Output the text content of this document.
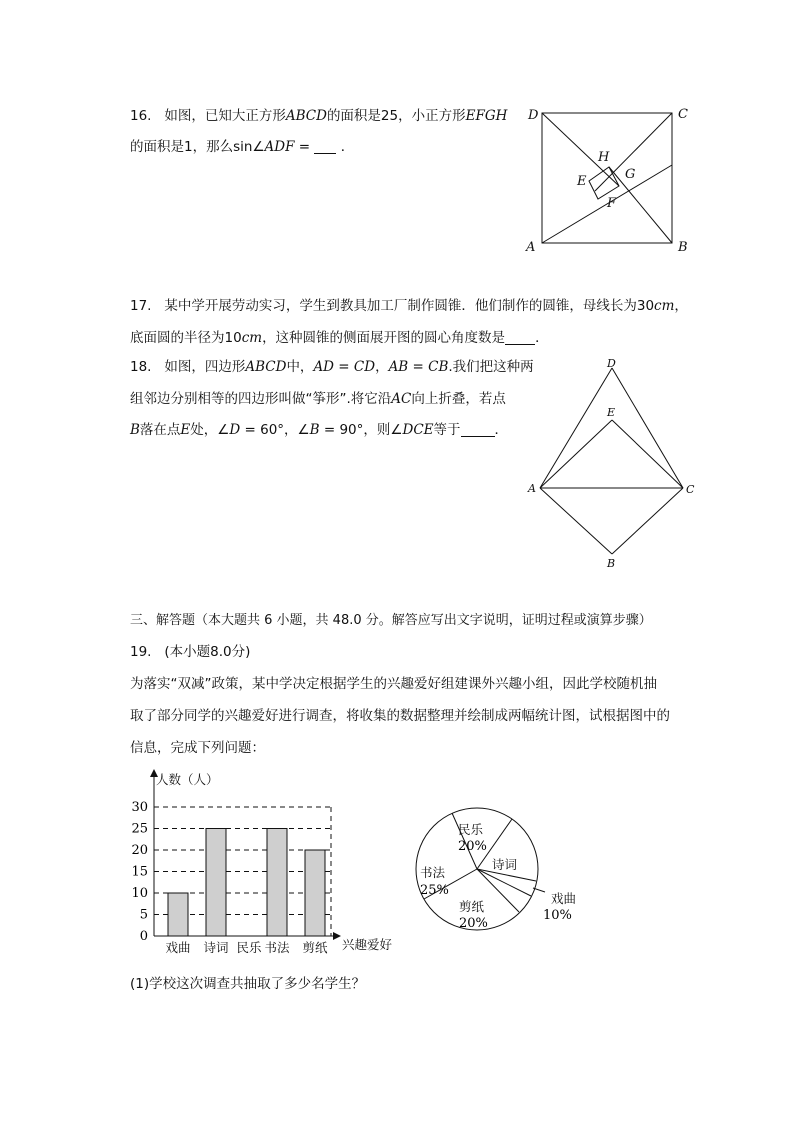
16. 如图，已知大正方形ABCD的面积是25，小正方形EFGH
的面积是1，那么sin∠ADF =  ．
D	C
A	B
H
E	G
F
17. 某中学开展劳动实习，学生到教具加工厂制作圆锥．他们制作的圆锥，母线长为30cm，
底面圆的半径为10cm，这种圆锥的侧面展开图的圆心角度数是 ．
18. 如图，四边形ABCD中，AD = CD，AB = CB.我们把这种两
组邻边分别相等的四边形叫做“筝形”.将它沿AC向上折叠，若点
B落在点E处，∠D = 60°，∠B = 90°，则∠DCE等于	．
D
E
A	C
B
三、解答题（本大题共 6 小题，共 48.0 分。解答应写出文字说明，证明过程或演算步骤）
19. (本小题8.0分)
为落实“双减”政策，某中学决定根据学生的兴趣爱好组建课外兴趣小组，因此学校随机抽
取了部分同学的兴趣爱好进行调查，将收集的数据整理并绘制成两幅统计图，试根据图中的
信息，完成下列问题：
0
5
10
15
20
25
30
戏曲 诗词 民乐 书法 剪纸
人数（人）
兴趣爱好
民乐
20%
诗词
戏曲
10%
剪纸
20%
书法
25%
(1)学校这次调查共抽取了多少名学生？
